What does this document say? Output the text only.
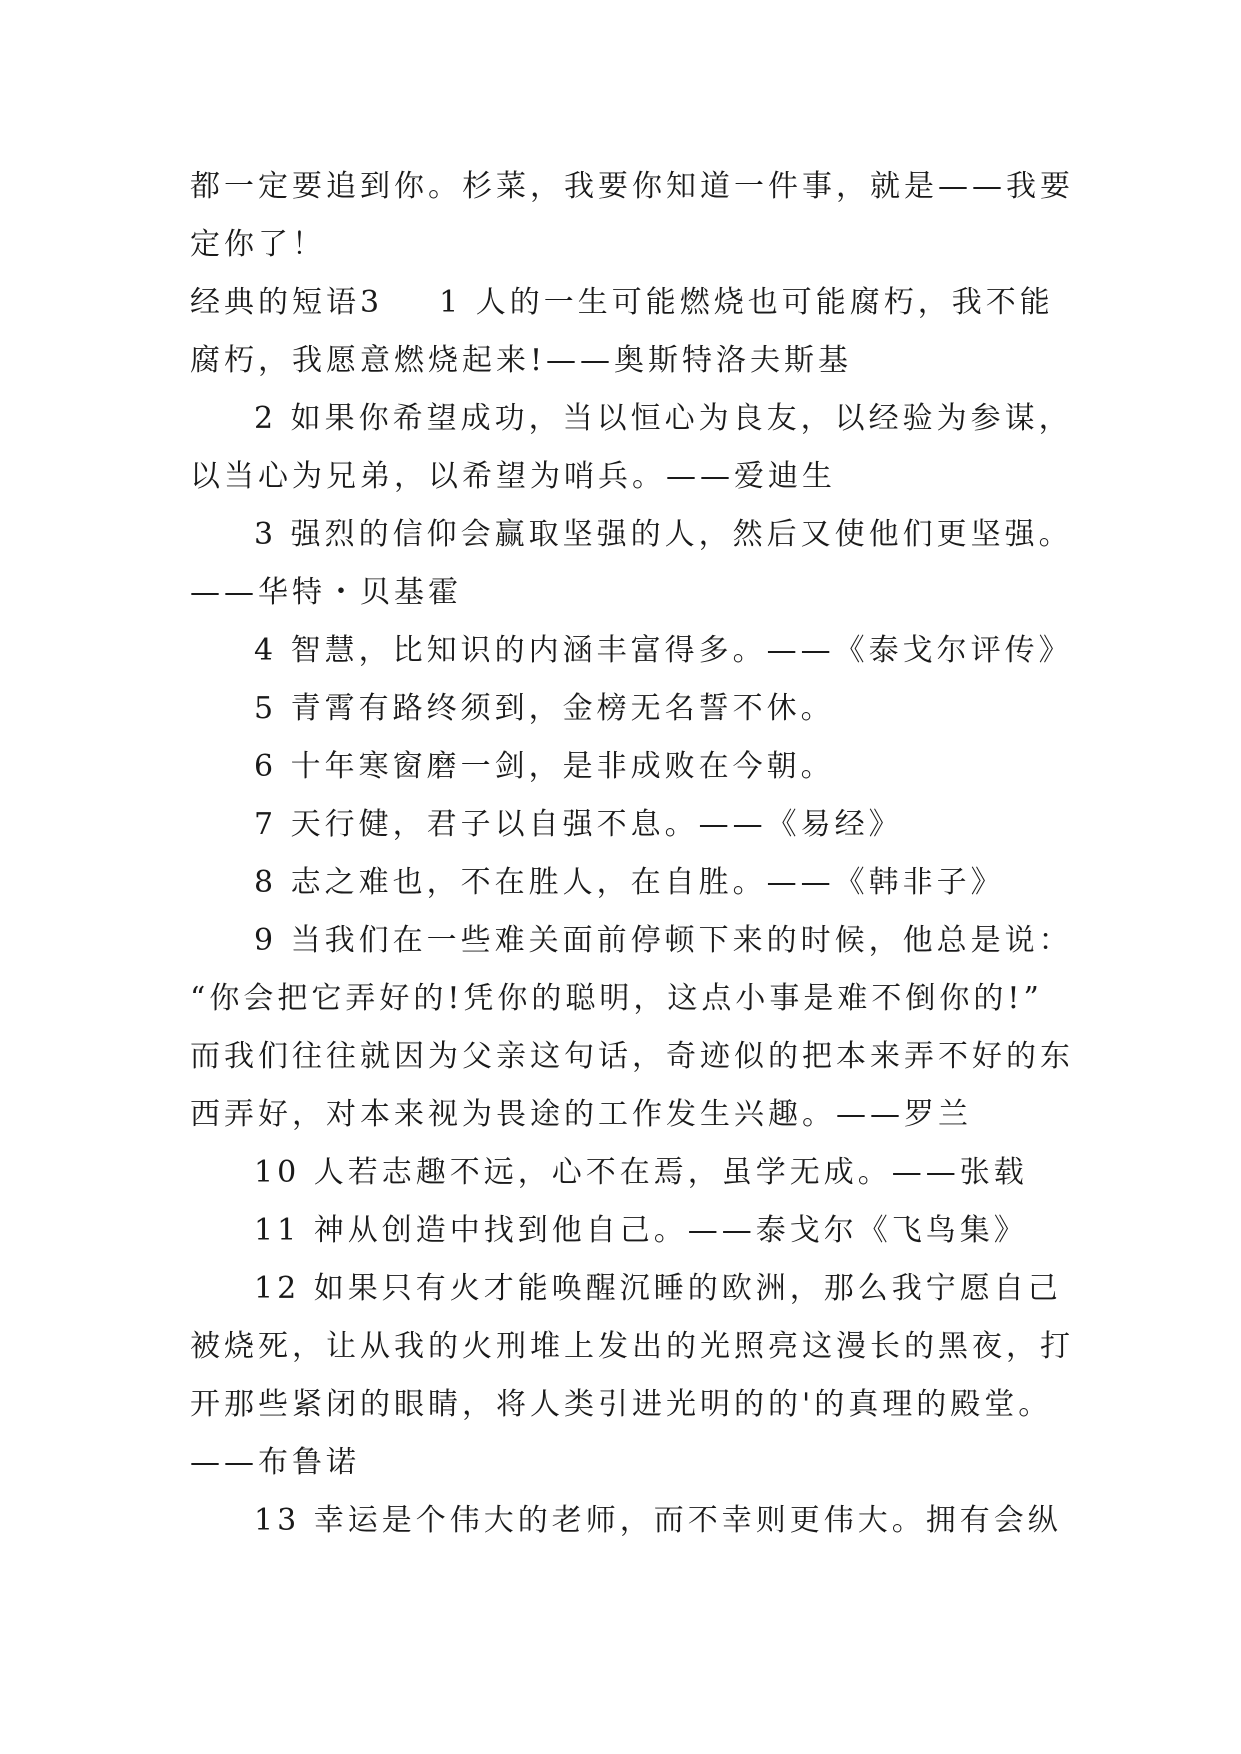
都一定要追到你。杉菜，我要你知道一件事，就是——我要
定你了！
经典的短语3 1 人的一生可能燃烧也可能腐朽，我不能
腐朽，我愿意燃烧起来!——奥斯特洛夫斯基
2 如果你希望成功，当以恒心为良友，以经验为参谋，
以当心为兄弟，以希望为哨兵。——爱迪生
3 强烈的信仰会赢取坚强的人，然后又使他们更坚强。
——华特・贝基霍
4 智慧，比知识的内涵丰富得多。——《泰戈尔评传》
5 青霄有路终须到，金榜无名誓不休。
6 十年寒窗磨一剑，是非成败在今朝。
7 天行健，君子以自强不息。——《易经》
8 志之难也，不在胜人，在自胜。——《韩非子》
9 当我们在一些难关面前停顿下来的时候，他总是说：
“你会把它弄好的!凭你的聪明，这点小事是难不倒你的!”
而我们往往就因为父亲这句话，奇迹似的把本来弄不好的东
西弄好，对本来视为畏途的工作发生兴趣。——罗兰
10 人若志趣不远，心不在焉，虽学无成。——张载
11 神从创造中找到他自己。——泰戈尔《飞鸟集》
12 如果只有火才能唤醒沉睡的欧洲，那么我宁愿自己
被烧死，让从我的火刑堆上发出的光照亮这漫长的黑夜，打
开那些紧闭的眼睛，将人类引进光明的的'的真理的殿堂。
——布鲁诺
13 幸运是个伟大的老师，而不幸则更伟大。拥有会纵
